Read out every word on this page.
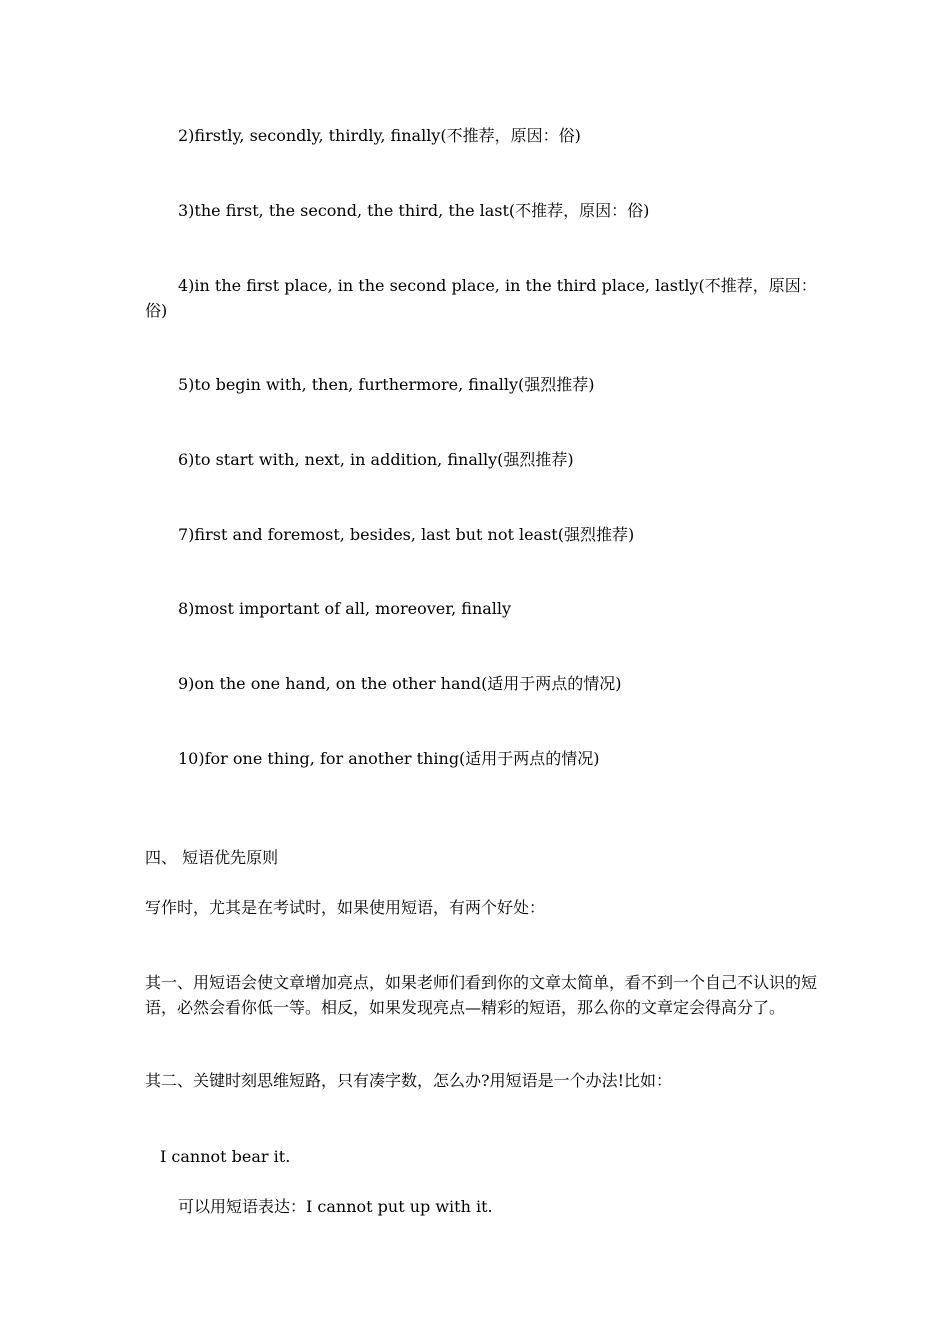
2)firstly, secondly, thirdly, finally(不推荐，原因：俗)
3)the first, the second, the third, the last(不推荐，原因：俗)
4)in the first place, in the second place, in the third place, lastly(不推荐，原因：俗)
5)to begin with, then, furthermore, finally(强烈推荐)
6)to start with, next, in addition, finally(强烈推荐)
7)first and foremost, besides, last but not least(强烈推荐)
8)most important of all, moreover, finally
9)on the one hand, on the other hand(适用于两点的情况)
10)for one thing, for another thing(适用于两点的情况)
四、 短语优先原则
写作时，尤其是在考试时，如果使用短语，有两个好处：
其一、用短语会使文章增加亮点，如果老师们看到你的文章太简单，看不到一个自己不认识的短语，必然会看你低一等。相反，如果发现亮点—精彩的短语，那么你的文章定会得高分了。
其二、关键时刻思维短路，只有凑字数，怎么办?用短语是一个办法!比如：
I cannot bear it.
可以用短语表达：I cannot put up with it.
